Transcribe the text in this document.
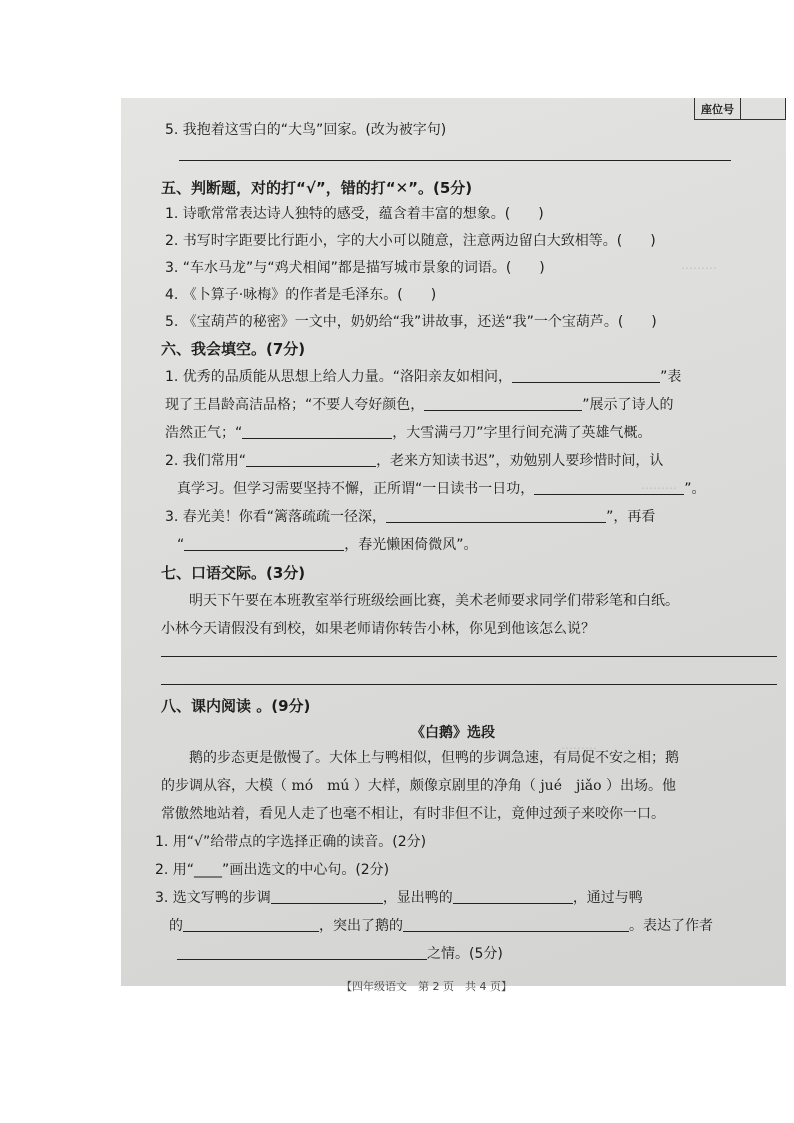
座位号
………
………
………
5. 我抱着这雪白的“大鸟”回家。(改为被字句)
五、判断题，对的打“√”，错的打“✕”。(5分)
1. 诗歌常常表达诗人独特的感受，蕴含着丰富的想象。(　　)
2. 书写时字距要比行距小，字的大小可以随意，注意两边留白大致相等。(　　)
3. “车水马龙”与“鸡犬相闻”都是描写城市景象的词语。(　　)
4. 《卜算子·咏梅》的作者是毛泽东。(　　)
5. 《宝葫芦的秘密》一文中，奶奶给“我”讲故事，还送“我”一个宝葫芦。(　　)
六、我会填空。(7分)
1. 优秀的品质能从思想上给人力量。“洛阳亲友如相问，	”表
现了王昌龄高洁品格；“不要人夸好颜色，	”展示了诗人的
浩然正气；“	，大雪满弓刀”字里行间充满了英雄气概。
2. 我们常用“	，老来方知读书迟”，劝勉别人要珍惜时间，认
真学习。但学习需要坚持不懈，正所谓“一日读书一日功，	”。
3. 春光美！你看“篱落疏疏一径深，	”，再看
“	，春光懒困倚微风”。
七、口语交际。(3分)
明天下午要在本班教室举行班级绘画比赛，美术老师要求同学们带彩笔和白纸。
小林今天请假没有到校，如果老师请你转告小林，你见到他该怎么说？
八、课内阅读 。(9分)
《白鹅》选段
鹅的步态更是傲慢了。大体上与鸭相似，但鸭的步调急速，有局促不安之相；鹅
的步调从容，大模（ mó　mú ）大样，颇像京剧里的净角（ jué　jiǎo ）出场。他
常傲然地站着，看见人走了也毫不相让，有时非但不让，竟伸过颈子来咬你一口。
1. 用“√”给带点的字选择正确的读音。(2分)
2. 用“____”画出选文的中心句。(2分)
3. 选文写鸭的步调	，显出鸭的	，通过与鸭
的	，突出了鹅的	。表达了作者
之情。(5分)
【四年级语文　第 2 页　共 4 页】
